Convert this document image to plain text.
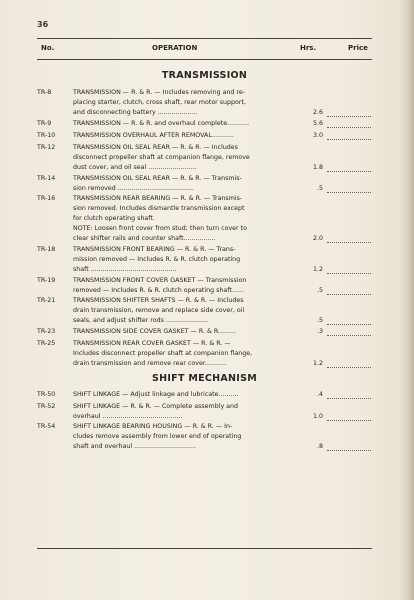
36
No.	OPERATION	Hrs.	Price
TRANSMISSION
TR-8	TRANSMISSION — R. & R. — Includes removing and re-
placing starter, clutch, cross shaft, rear motor support,
and disconnecting battery ....................	2.6
TR-9	TRANSMISSION — R. & R. and overhaul complete...........	5.6
TR-10	TRANSMISSION OVERHAUL AFTER REMOVAL...........	3.0
TR-12	TRANSMISSION OIL SEAL REAR — R. & R. — Includes
disconnect propeller shaft at companion flange, remove
dust cover, and oil seal ........................	1.8
TR-14	TRANSMISSION OIL SEAL REAR — R. & R. — Transmis-
sion removed ......................................	.5
TR-16	TRANSMISSION REAR BEARING — R. & R. — Transmis-
sion removed. Includes dismantle transmission except
for clutch operating shaft.
NOTE: Loosen front cover from stud; then turn cover to
clear shifter rails and counter shaft................	2.0
TR-18	TRANSMISSION FRONT BEARING — R. & R. — Trans-
mission removed — Includes R. & R. clutch operating
shaft ...........................................	1.2
TR-19	TRANSMISSION FRONT COVER GASKET — Transmission
removed — Includes R. & R. clutch operating shaft......	.5
TR-21	TRANSMISSION SHIFTER SHAFTS — R. & R. — Includes
drain transmission, remove and replace side cover, oil
seals, and adjust shifter rods .....................	.5
TR-23	TRANSMISSION SIDE COVER GASKET — R. & R.........	.3
TR-25	TRANSMISSION REAR COVER GASKET — R. & R. —
Includes disconnect propeller shaft at companion flange,
drain transmission and remove rear cover...........	1.2
SHIFT MECHANISM
TR-50	SHIFT LINKAGE — Adjust linkage and lubricate..........	.4
TR-52	SHIFT LINKAGE — R. & R. — Complete assembly and
overhaul ........................................	1.0
TR-54	SHIFT LINKAGE BEARING HOUSING — R. & R. — In-
cludes remove assembly from lower end of operating
shaft and overhaul ...............................	.8
